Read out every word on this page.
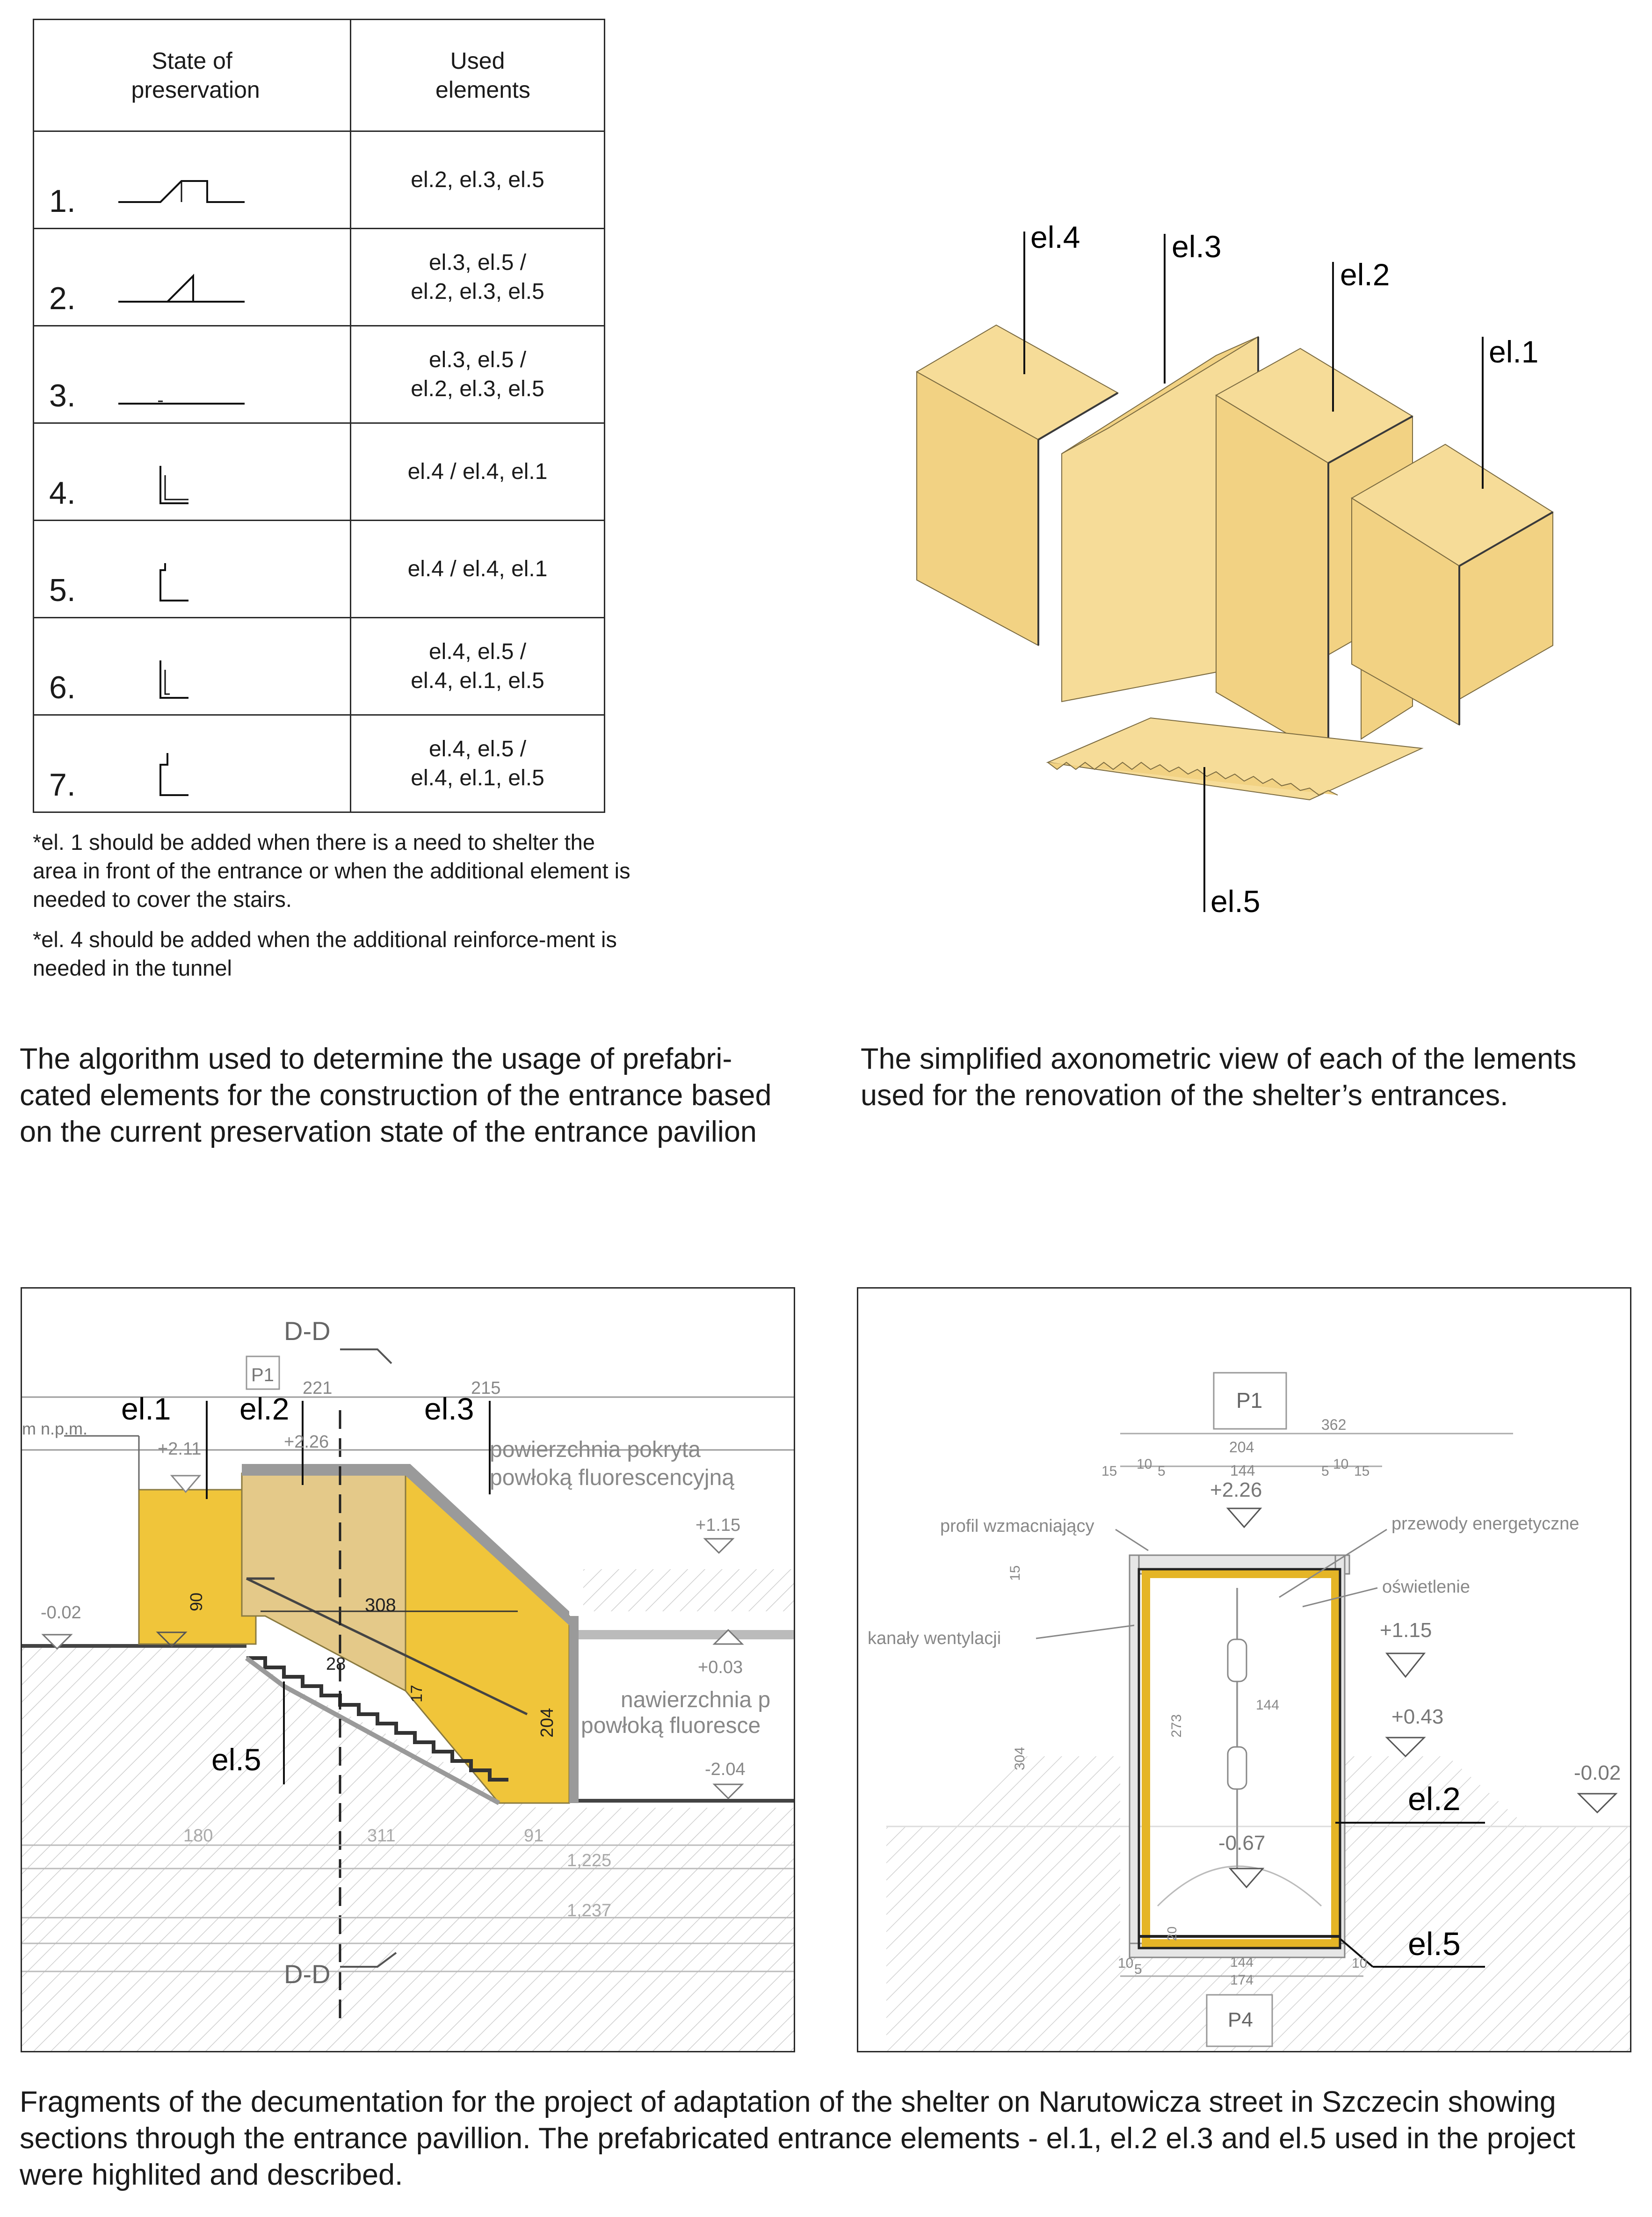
State of preservation	Used elements

1.	el.2, el.3, el.5

2.	el.3, el.5 / el.2, el.3, el.5

3.	el.3, el.5 / el.2, el.3, el.5

4.	el.4 / el.4, el.1

5.	el.4 / el.4, el.1

6.	el.4, el.5 / el.4, el.1, el.5

7.	el.4, el.5 / el.4, el.1, el.5
*el. 1 should be added when there is a need to shelter the area in front of the entrance or when the additional element is needed to cover the stairs.
*el. 4 should be added when the additional reinforce-ment is needed in the tunnel
The algorithm used to determine the usage of prefabri-cated elements for the construction of the entrance based on the current preservation state of the entrance pavilion
The simplified axonometric view of each of the lements used for the renovation of the shelter’s entrances.
el.4	el.3
el.2
el.1
el.5
D-D
D-D
P1
m n.p.m.
el.1 el.2	el.3
el.5
221	215
308
90
28
17
204
180	311	91
1,225
1,237
+2.11	+2.26
+1.15
+0.03
-0.02
-2.04
powierzchnia pokryta
powłoką fluorescencyjną
nawierzchnia p
powłoką fluoresce
P1
P4
362
204
144
15 10 5	5 10 15
15
304
273
144
144
174
10 5	10
20
+2.26
+1.15
+0.43
-0.02
-0.67
profil wzmacniający
kanały wentylacji
przewody energetyczne
oświetlenie
el.2
el.5
Fragments of the decumentation for the project of adaptation of the shelter on Narutowicza street in Szczecin showing sections through the entrance pavillion. The prefabricated entrance elements - el.1, el.2 el.3 and el.5 used in the project were highlited and described.
